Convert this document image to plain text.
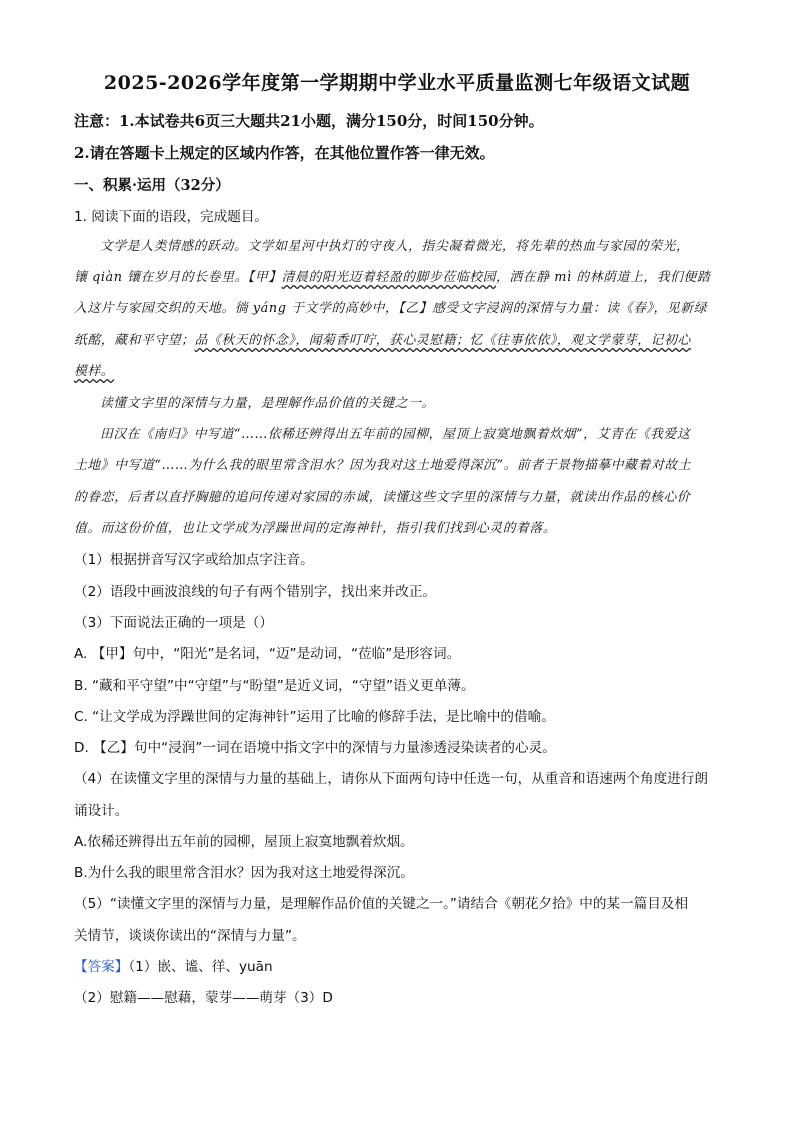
2025-2026学年度第一学期期中学业水平质量监测七年级语文试题
注意：1.本试卷共6页三大题共21小题，满分150分，时间150分钟。
2.请在答题卡上规定的区域内作答，在其他位置作答一律无效。
一、积累·运用（32分）
1. 阅读下面的语段，完成题目。
文学是人类情感的跃动。文学如星河中执灯的守夜人，指尖凝着微光，将先辈的热血与家园的荣光，
镶 qiàn 镶在岁月的长卷里。【甲】清晨的阳光迈着轻盈的脚步莅临校园，洒在静 mì 的林荫道上，我们便踏
入这片与家园交织的天地。徜 yáng 于文学的高妙中，【乙】感受文字浸润的深情与力量：读《春》，见新绿
纸酩，藏和平守望；品《秋天的怀念》，闻菊香叮咛，获心灵慰籍；忆《往事依依》，观文学蒙芽，记初心
模样。
读懂文字里的深情与力量，是理解作品价值的关键之一。
田汉在《南归》中写道“……依稀还辨得出五年前的园柳，屋顶上寂寞地飘着炊烟”，艾青在《我爱这
土地》中写道“……为什么我的眼里常含泪水？因为我对这土地爱得深沉”。前者于景物描摹中藏着对故土
的眷恋，后者以直抒胸臆的追问传递对家园的赤诚，读懂这些文字里的深情与力量，就读出作品的核心价
值。而这份价值，也让文学成为浮躁世间的定海神针，指引我们找到心灵的着落。
（1）根据拼音写汉字或给加点字注音。
（2）语段中画波浪线的句子有两个错别字，找出来并改正。
（3）下面说法正确的一项是（）
A. 【甲】句中，“阳光”是名词，“迈”是动词，“莅临”是形容词。
B. “藏和平守望”中“守望”与“盼望”是近义词，“守望”语义更单薄。
C. “让文学成为浮躁世间的定海神针”运用了比喻的修辞手法，是比喻中的借喻。
D. 【乙】句中“浸润”一词在语境中指文字中的深情与力量渗透浸染读者的心灵。
（4）在读懂文字里的深情与力量的基础上，请你从下面两句诗中任选一句，从重音和语速两个角度进行朗
诵设计。
A.依稀还辨得出五年前的园柳，屋顶上寂寞地飘着炊烟。
B.为什么我的眼里常含泪水？因为我对这土地爱得深沉。
（5）“读懂文字里的深情与力量，是理解作品价值的关键之一。”请结合《朝花夕拾》中的某一篇目及相
关情节，谈谈你读出的“深情与力量”。
【答案】（1）嵌、谧、徉、yuān
（2）慰籍——慰藉，蒙芽——萌芽（3）D
